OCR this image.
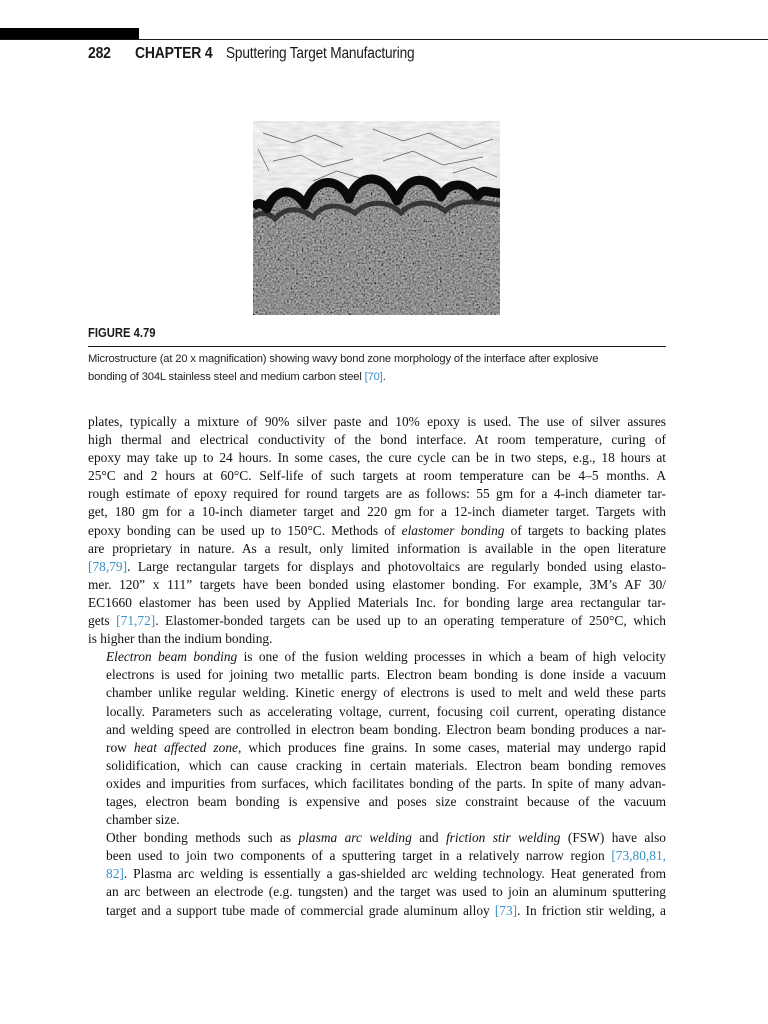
282 CHAPTER 4 Sputtering Target Manufacturing
FIGURE 4.79
Microstructure (at 20 x magnification) showing wavy bond zone morphology of the interface after explosive
bonding of 304L stainless steel and medium carbon steel [70].

plates, typically a mixture of 90% silver paste and 10% epoxy is used. The use of silver assures
high thermal and electrical conductivity of the bond interface. At room temperature, curing of
epoxy may take up to 24 hours. In some cases, the cure cycle can be in two steps, e.g., 18 hours at
25°C and 2 hours at 60°C. Self-life of such targets at room temperature can be 4–5 months. A
rough estimate of epoxy required for round targets are as follows: 55 gm for a 4-inch diameter tar-
get, 180 gm for a 10-inch diameter target and 220 gm for a 12-inch diameter target. Targets with
epoxy bonding can be used up to 150°C. Methods of elastomer bonding of targets to backing plates
are proprietary in nature. As a result, only limited information is available in the open literature
[78,79]. Large rectangular targets for displays and photovoltaics are regularly bonded using elasto-
mer. 120” x 111” targets have been bonded using elastomer bonding. For example, 3M’s AF 30/
EC1660 elastomer has been used by Applied Materials Inc. for bonding large area rectangular tar-
gets [71,72]. Elastomer-bonded targets can be used up to an operating temperature of 250°C, which
is higher than the indium bonding.

Electron beam bonding is one of the fusion welding processes in which a beam of high velocity
electrons is used for joining two metallic parts. Electron beam bonding is done inside a vacuum
chamber unlike regular welding. Kinetic energy of electrons is used to melt and weld these parts
locally. Parameters such as accelerating voltage, current, focusing coil current, operating distance
and welding speed are controlled in electron beam bonding. Electron beam bonding produces a nar-
row heat affected zone, which produces fine grains. In some cases, material may undergo rapid
solidification, which can cause cracking in certain materials. Electron beam bonding removes
oxides and impurities from surfaces, which facilitates bonding of the parts. In spite of many advan-
tages, electron beam bonding is expensive and poses size constraint because of the vacuum
chamber size.

Other bonding methods such as plasma arc welding and friction stir welding (FSW) have also
been used to join two components of a sputtering target in a relatively narrow region [73,80,81,
82]. Plasma arc welding is essentially a gas-shielded arc welding technology. Heat generated from
an arc between an electrode (e.g. tungsten) and the target was used to join an aluminum sputtering
target and a support tube made of commercial grade aluminum alloy [73]. In friction stir welding, a
